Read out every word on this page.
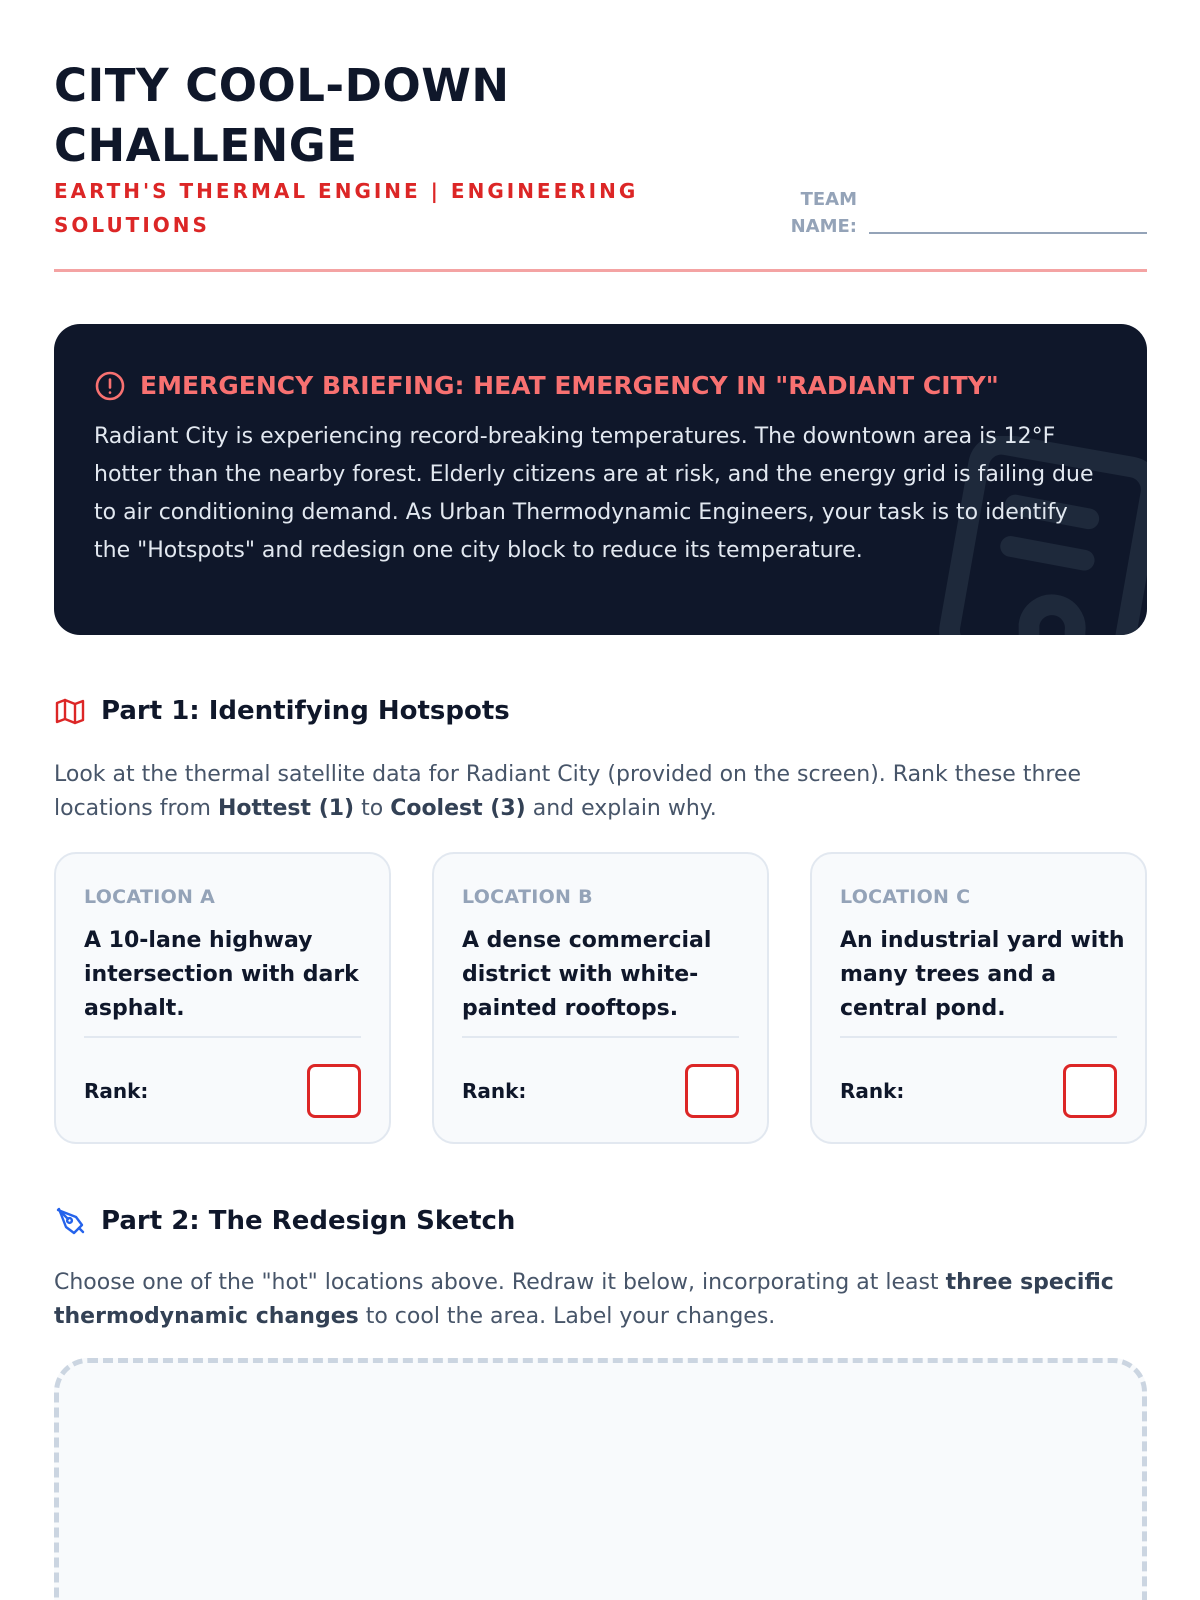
CITY COOL-DOWN
CHALLENGE
EARTH'S THERMAL ENGINE | ENGINEERING SOLUTIONS
TEAM
NAME:
EMERGENCY BRIEFING: HEAT EMERGENCY IN "RADIANT CITY"
Radiant City is experiencing record-breaking temperatures. The downtown area is 12°F hotter than the nearby forest. Elderly citizens are at risk, and the energy grid is failing due to air conditioning demand. As Urban Thermodynamic Engineers, your task is to identify the "Hotspots" and redesign one city block to reduce its temperature.
Part 1: Identifying Hotspots
Look at the thermal satellite data for Radiant City (provided on the screen). Rank these three locations from Hottest (1) to Coolest (3) and explain why.
LOCATION A
A 10-lane highway intersection with dark asphalt.
Rank:
LOCATION B
A dense commercial district with white-painted rooftops.
Rank:
LOCATION C
An industrial yard with many trees and a central pond.
Rank:
Part 2: The Redesign Sketch
Choose one of the "hot" locations above. Redraw it below, incorporating at least three specific thermodynamic changes to cool the area. Label your changes.
